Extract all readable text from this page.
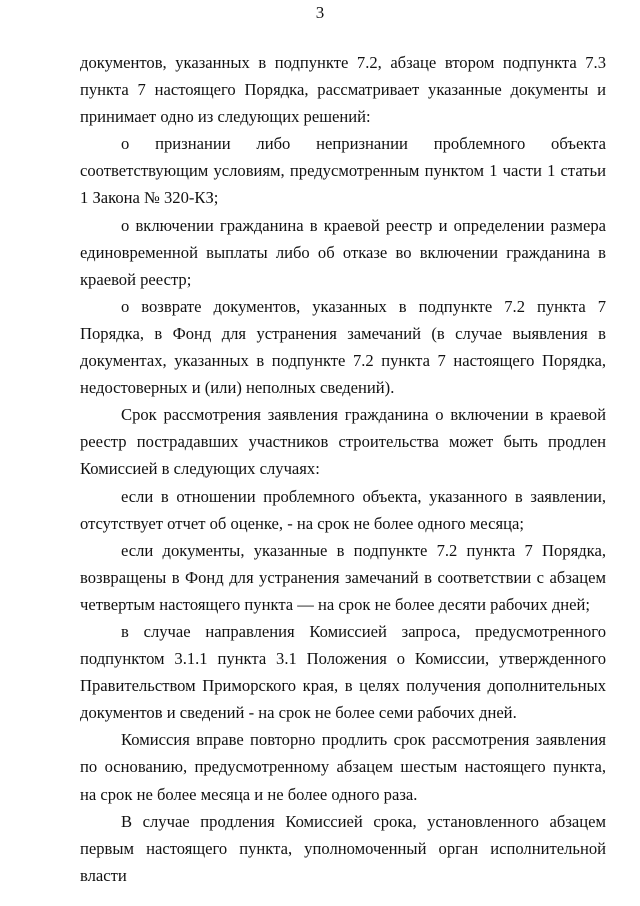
3

документов, указанных в подпункте 7.2, абзаце втором подпункта 7.3 пункта 7 настоящего Порядка, рассматривает указанные документы и принимает одно из следующих решений:

о признании либо непризнании проблемного объекта соответствующим условиям, предусмотренным пунктом 1 части 1 статьи 1 Закона № 320-КЗ;

о включении гражданина в краевой реестр и определении размера единовременной выплаты либо об отказе во включении гражданина в краевой реестр;

о возврате документов, указанных в подпункте 7.2 пункта 7 Порядка, в Фонд для устранения замечаний (в случае выявления в документах, указанных в подпункте 7.2 пункта 7 настоящего Порядка, недостоверных и (или) неполных сведений).

Срок рассмотрения заявления гражданина о включении в краевой реестр пострадавших участников строительства может быть продлен Комиссией в следующих случаях:

если в отношении проблемного объекта, указанного в заявлении, отсутствует отчет об оценке, - на срок не более одного месяца;

если документы, указанные в подпункте 7.2 пункта 7 Порядка, возвращены в Фонд для устранения замечаний в соответствии с абзацем четвертым настоящего пункта — на срок не более десяти рабочих дней;

в случае направления Комиссией запроса, предусмотренного подпунктом 3.1.1 пункта 3.1 Положения о Комиссии, утвержденного Правительством Приморского края, в целях получения дополнительных документов и сведений - на срок не более семи рабочих дней.

Комиссия вправе повторно продлить срок рассмотрения заявления по основанию, предусмотренному абзацем шестым настоящего пункта, на срок не более месяца и не более одного раза.

В случае продления Комиссией срока, установленного абзацем первым настоящего пункта, уполномоченный орган исполнительной власти
